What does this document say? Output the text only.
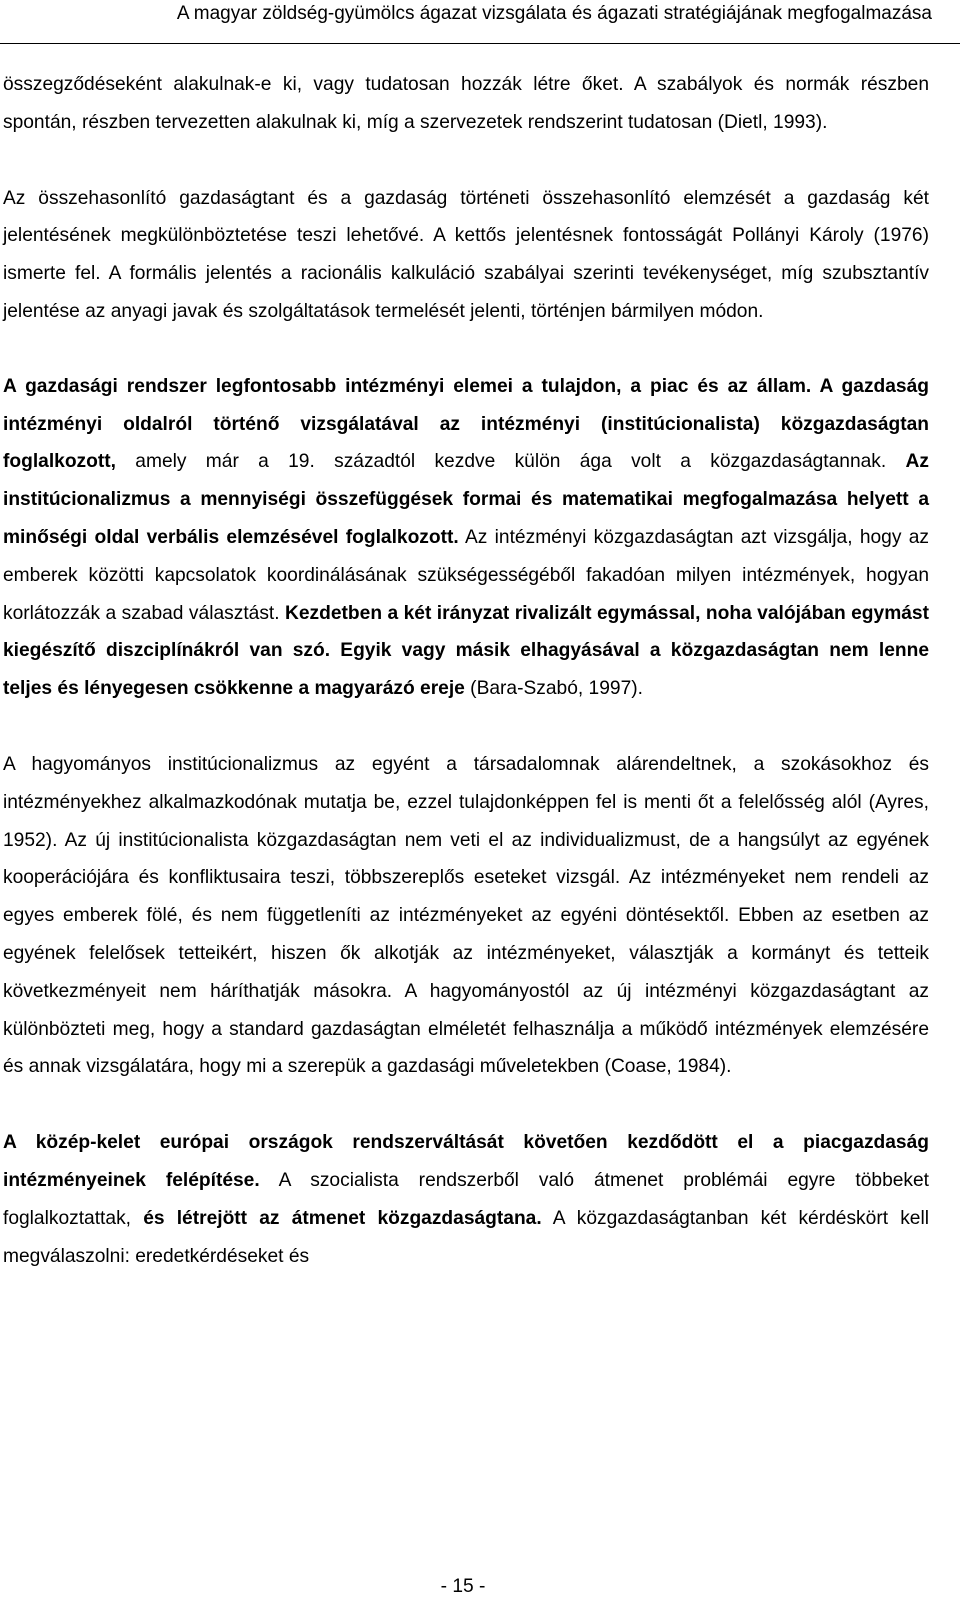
A magyar zöldség-gyümölcs ágazat vizsgálata és ágazati stratégiájának megfogalmazása

összegződéseként alakulnak-e ki, vagy tudatosan hozzák létre őket. A szabályok és normák részben spontán, részben tervezetten alakulnak ki, míg a szervezetek rendszerint tudatosan (Dietl, 1993).

Az összehasonlító gazdaságtant és a gazdaság történeti összehasonlító elemzését a gazdaság két jelentésének megkülönböztetése teszi lehetővé. A kettős jelentésnek fontosságát Pollányi Károly (1976) ismerte fel. A formális jelentés a racionális kalkuláció szabályai szerinti tevékenységet, míg szubsztantív jelentése az anyagi javak és szolgáltatások termelését jelenti, történjen bármilyen módon.

A gazdasági rendszer legfontosabb intézményi elemei a tulajdon, a piac és az állam. A gazdaság intézményi oldalról történő vizsgálatával az intézményi (institúcionalista) közgazdaságtan foglalkozott, amely már a 19. századtól kezdve külön ága volt a közgazdaságtannak. Az institúcionalizmus a mennyiségi összefüggések formai és matematikai megfogalmazása helyett a minőségi oldal verbális elemzésével foglalkozott. Az intézményi közgazdaságtan azt vizsgálja, hogy az emberek közötti kapcsolatok koordinálásának szükségességéből fakadóan milyen intézmények, hogyan korlátozzák a szabad választást. Kezdetben a két irányzat rivalizált egymással, noha valójában egymást kiegészítő diszciplínákról van szó. Egyik vagy másik elhagyásával a közgazdaságtan nem lenne teljes és lényegesen csökkenne a magyarázó ereje (Bara-Szabó, 1997).

A hagyományos institúcionalizmus az egyént a társadalomnak alárendeltnek, a szokásokhoz és intézményekhez alkalmazkodónak mutatja be, ezzel tulajdonképpen fel is menti őt a felelősség alól (Ayres, 1952). Az új institúcionalista közgazdaságtan nem veti el az individualizmust, de a hangsúlyt az egyének kooperációjára és konfliktusaira teszi, többszereplős eseteket vizsgál. Az intézményeket nem rendeli az egyes emberek fölé, és nem függetleníti az intézményeket az egyéni döntésektől. Ebben az esetben az egyének felelősek tetteikért, hiszen ők alkotják az intézményeket, választják a kormányt és tetteik következményeit nem háríthatják másokra. A hagyományostól az új intézményi közgazdaságtant az különbözteti meg, hogy a standard gazdaságtan elméletét felhasználja a működő intézmények elemzésére és annak vizsgálatára, hogy mi a szerepük a gazdasági műveletekben (Coase, 1984).

A közép-kelet európai országok rendszerváltását követően kezdődött el a piacgazdaság intézményeinek felépítése. A szocialista rendszerből való átmenet problémái egyre többeket foglalkoztattak, és létrejött az átmenet közgazdaságtana. A közgazdaságtanban két kérdéskört kell megválaszolni: eredetkérdéseket és

- 15 -
